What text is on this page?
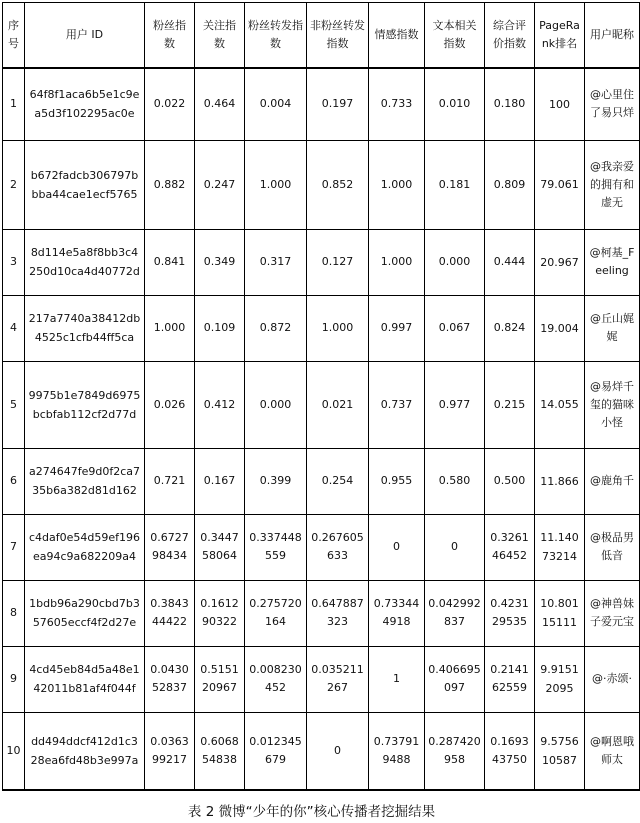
序号	用户 ID	粉丝指数	关注指数	粉丝转发指数	非粉丝转发指数	情感指数	文本相关指数	综合评价指数	PageRank排名	用户昵称
1	64f8f1aca6b5e1c9ea5d3f102295ac0e	0.022	0.464	0.004	0.197	0.733	0.010	0.180	100	@心里住了易只烊
2	b672fadcb306797bbba44cae1ecf5765	0.882	0.247	1.000	0.852	1.000	0.181	0.809	79.061	@我亲爱的拥有和虚无
3	8d114e5a8f8bb3c4250d10ca4d40772d	0.841	0.349	0.317	0.127	1.000	0.000	0.444	20.967	@柯基_Feeling
4	217a7740a38412db4525c1cfb44ff5ca	1.000	0.109	0.872	1.000	0.997	0.067	0.824	19.004	@丘山娓娓
5	9975b1e7849d6975bcbfab112cf2d77d	0.026	0.412	0.000	0.021	0.737	0.977	0.215	14.055	@易烊千玺的猫咪小怪
6	a274647fe9d0f2ca735b6a382d81d162	0.721	0.167	0.399	0.254	0.955	0.580	0.500	11.866	@鹿角千
7	c4daf0e54d59ef196ea94c9a682209a4	0.672798434	0.344758064	0.337448559	0.267605633	0	0	0.326146452	11.14073214	@极品男低音
8	1bdb96a290cbd7b357605eccf4f2d27e	0.384344422	0.161290322	0.275720164	0.647887323	0.733444918	0.042992837	0.423129535	10.80115111	@神兽妹子爱元宝
9	4cd45eb84d5a48e142011b81af4f044f	0.043052837	0.515120967	0.008230452	0.035211267	1	0.406695097	0.214162559	9.91512095	@·赤颂·
10	dd494ddcf412d1c328ea6fd48b3e997a	0.036399217	0.606854838	0.012345679	0	0.737919488	0.287420958	0.169343750	9.575610587	@啊恩哦师太
表 2 微博“少年的你”核心传播者挖掘结果
